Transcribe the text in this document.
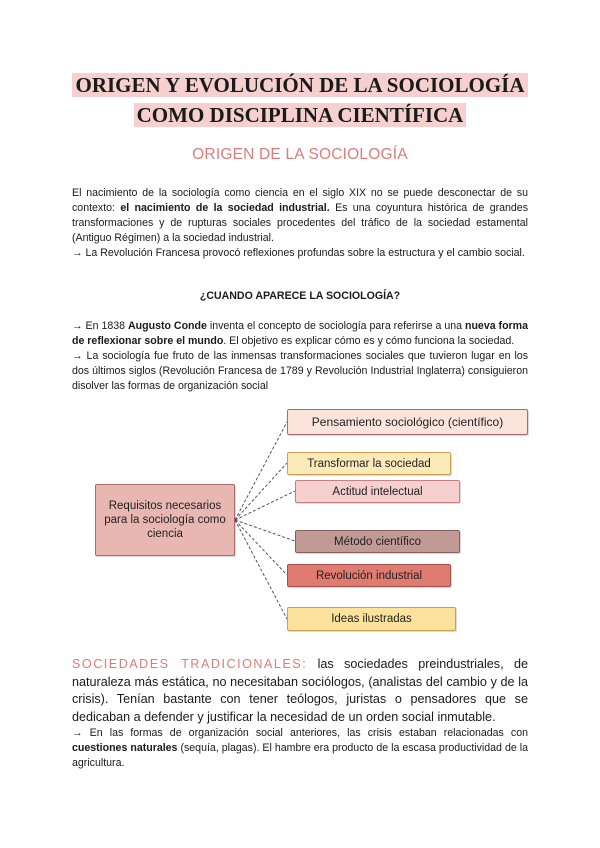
ORIGEN Y EVOLUCIÓN DE LA SOCIOLOGÍA
COMO DISCIPLINA CIENTÍFICA
ORIGEN DE LA SOCIOLOGÍA

El nacimiento de la sociología como ciencia en el siglo XIX no se puede desconectar de su contexto: el nacimiento de la sociedad industrial. Es una coyuntura histórica de grandes transformaciones y de rupturas sociales procedentes del tráfico de la sociedad estamental (Antiguo Régimen) a la sociedad industrial.

→ La Revolución Francesa provocó reflexiones profundas sobre la estructura y el cambio social.

¿CUANDO APARECE LA SOCIOLOGÍA?

→ En 1838 Augusto Conde inventa el concepto de sociología para referirse a una nueva forma de reflexionar sobre el mundo. El objetivo es explicar cómo es y cómo funciona la sociedad.

→ La sociología fue fruto de las inmensas transformaciones sociales que tuvieron lugar en los dos últimos siglos (Revolución Francesa de 1789 y Revolución Industrial Inglaterra) consiguieron disolver las formas de organización social

Requisitos necesarios para la sociología como ciencia
Pensamiento sociológico (científico)
Transformar la sociedad
Actitud intelectual
Método científico
Revolución industrial
Ideas ilustradas

SOCIEDADES TRADICIONALES: las sociedades preindustriales, de naturaleza más estática, no necesitaban sociólogos, (analistas del cambio y de la crisis). Tenían bastante con tener teólogos, juristas o pensadores que se dedicaban a defender y justificar la necesidad de un orden social inmutable.

→ En las formas de organización social anteriores, las crisis estaban relacionadas con cuestiones naturales (sequía, plagas). El hambre era producto de la escasa productividad de la agricultura.
